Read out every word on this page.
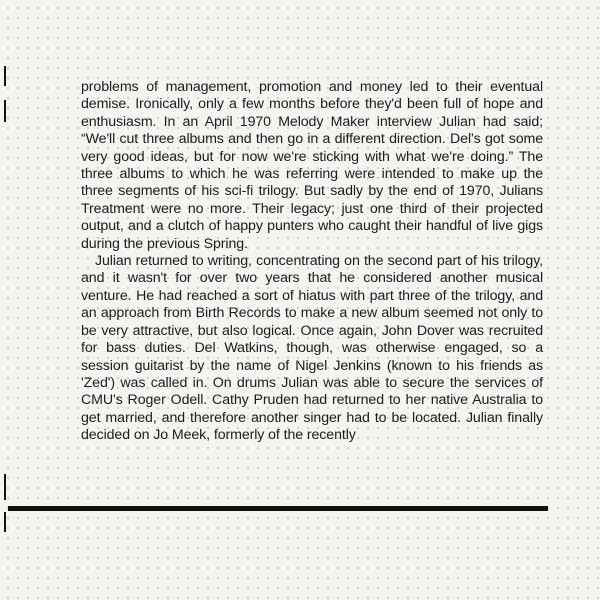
problems of management, promotion and money led to their eventual demise. Ironically, only a few months before they'd been full of hope and enthusiasm. In an April 1970 Melody Maker interview Julian had said; “We'll cut three albums and then go in a different direction. Del's got some very good ideas, but for now we're sticking with what we're doing.” The three albums to which he was referring were intended to make up the three segments of his sci-fi trilogy. But sadly by the end of 1970, Julians Treatment were no more. Their legacy; just one third of their projected output, and a clutch of happy punters who caught their handful of live gigs during the previous Spring.

Julian returned to writing, concentrating on the second part of his trilogy, and it wasn't for over two years that he considered another musical venture. He had reached a sort of hiatus with part three of the trilogy, and an approach from Birth Records to make a new album seemed not only to be very attractive, but also logical. Once again, John Dover was recruited for bass duties. Del Watkins, though, was otherwise engaged, so a session guitarist by the name of Nigel Jenkins (known to his friends as 'Zed') was called in. On drums Julian was able to secure the services of CMU's Roger Odell. Cathy Pruden had returned to her native Australia to get married, and therefore another singer had to be located. Julian finally decided on Jo Meek, formerly of the recently
